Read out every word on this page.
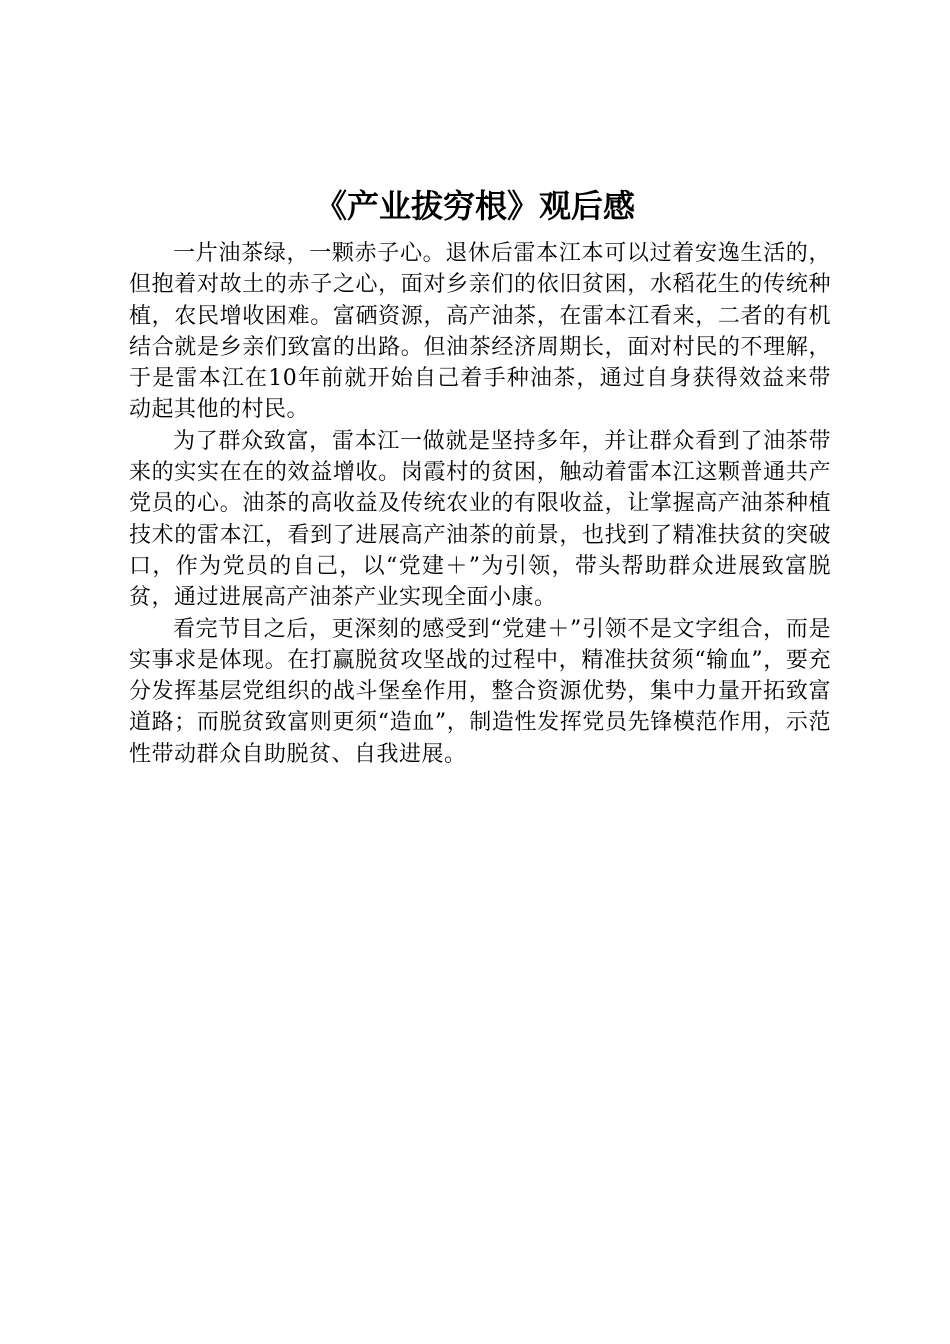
《产业拔穷根》观后感

一片油茶绿，一颗赤子心。退休后雷本江本可以过着安逸生活的，但抱着对故土的赤子之心，面对乡亲们的依旧贫困，水稻花生的传统种植，农民增收困难。富硒资源，高产油茶，在雷本江看来，二者的有机结合就是乡亲们致富的出路。但油茶经济周期长，面对村民的不理解，于是雷本江在10年前就开始自己着手种油茶，通过自身获得效益来带动起其他的村民。

为了群众致富，雷本江一做就是坚持多年，并让群众看到了油茶带来的实实在在的效益增收。岗霞村的贫困，触动着雷本江这颗普通共产党员的心。油茶的高收益及传统农业的有限收益，让掌握高产油茶种植技术的雷本江，看到了进展高产油茶的前景，也找到了精准扶贫的突破口，作为党员的自己，以“党建＋”为引领，带头帮助群众进展致富脱贫，通过进展高产油茶产业实现全面小康。

看完节目之后，更深刻的感受到“党建＋”引领不是文字组合，而是实事求是体现。在打赢脱贫攻坚战的过程中，精准扶贫须“输血”，要充分发挥基层党组织的战斗堡垒作用，整合资源优势，集中力量开拓致富道路；而脱贫致富则更须“造血”，制造性发挥党员先锋模范作用，示范性带动群众自助脱贫、自我进展。
